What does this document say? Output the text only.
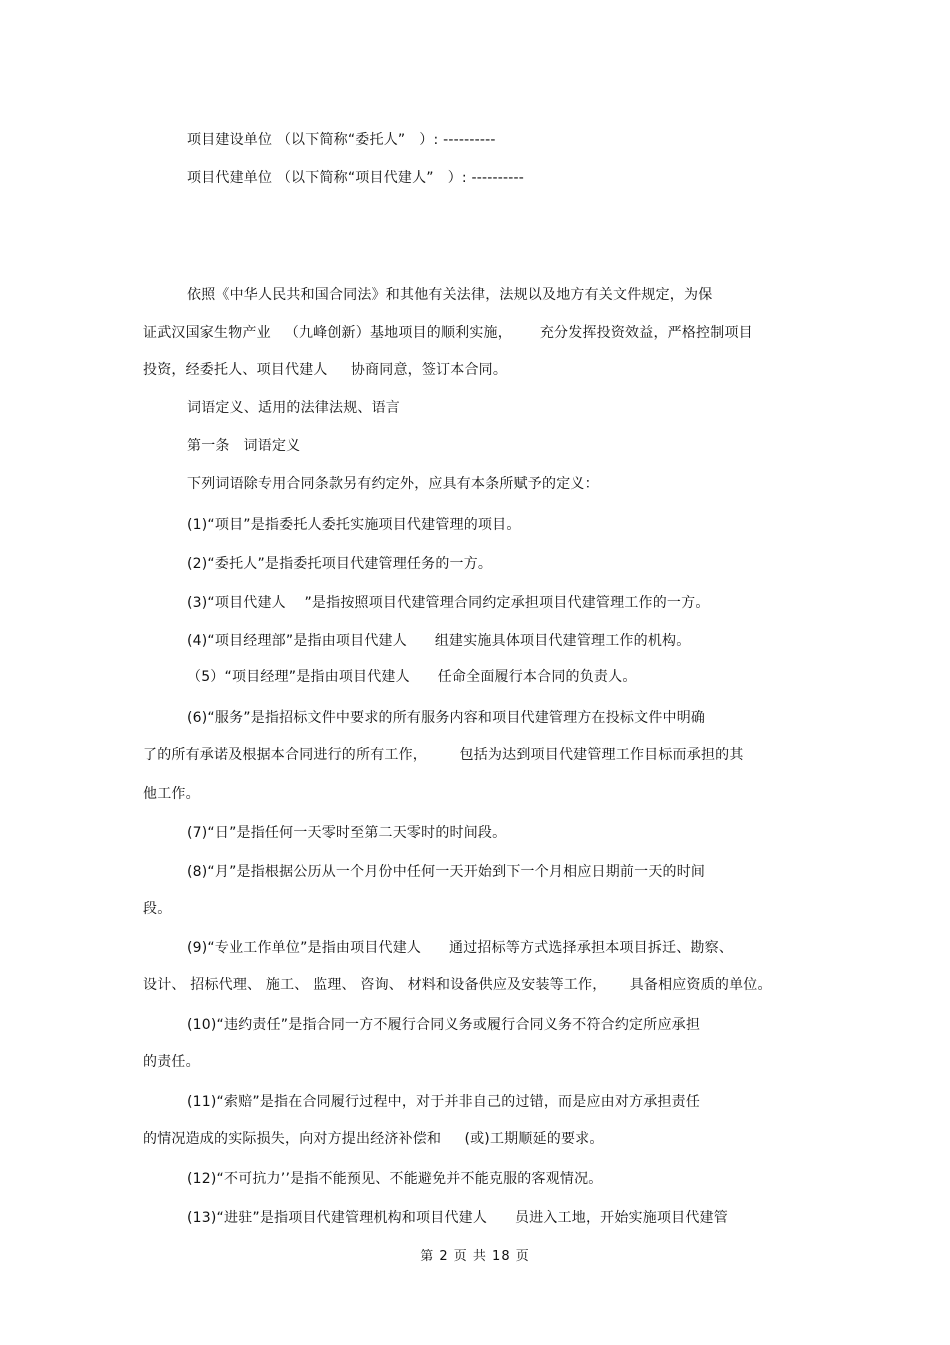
项目建设单位 （以下简称“委托人”   ）: ----------

项目代建单位 （以下简称“项目代建人”   ）: ----------

依照《中华人民共和国合同法》和其他有关法律，法规以及地方有关文件规定，为保

证武汉国家生物产业   （九峰创新）基地项目的顺利实施，      充分发挥投资效益，严格控制项目

投资，经委托人、项目代建人     协商同意，签订本合同。

词语定义、适用的法律法规、语言

第一条   词语定义

下列词语除专用合同条款另有约定外，应具有本条所赋予的定义：

(1)“项目”是指委托人委托实施项目代建管理的项目。

(2)“委托人”是指委托项目代建管理任务的一方。

(3)“项目代建人    ”是指按照项目代建管理合同约定承担项目代建管理工作的一方。

(4)“项目经理部”是指由项目代建人      组建实施具体项目代建管理工作的机构。

（5）“项目经理”是指由项目代建人      任命全面履行本合同的负责人。

(6)“服务”是指招标文件中要求的所有服务内容和项目代建管理方在投标文件中明确

了的所有承诺及根据本合同进行的所有工作，       包括为达到项目代建管理工作目标而承担的其

他工作。

(7)“日”是指任何一天零时至第二天零时的时间段。

(8)“月”是指根据公历从一个月份中任何一天开始到下一个月相应日期前一天的时间

段。

(9)“专业工作单位”是指由项目代建人      通过招标等方式选择承担本项目拆迁、勘察、

设计、 招标代理、 施工、 监理、 咨询、 材料和设备供应及安装等工作，     具备相应资质的单位。

(10)“违约责任”是指合同一方不履行合同义务或履行合同义务不符合约定所应承担

的责任。

(11)“索赔”是指在合同履行过程中，对于并非自己的过错，而是应由对方承担责任

的情况造成的实际损失，向对方提出经济补偿和     (或)工期顺延的要求。

(12)“不可抗力’’是指不能预见、不能避免并不能克服的客观情况。

(13)“进驻”是指项目代建管理机构和项目代建人      员进入工地，开始实施项目代建管

第 2 页 共 18 页
